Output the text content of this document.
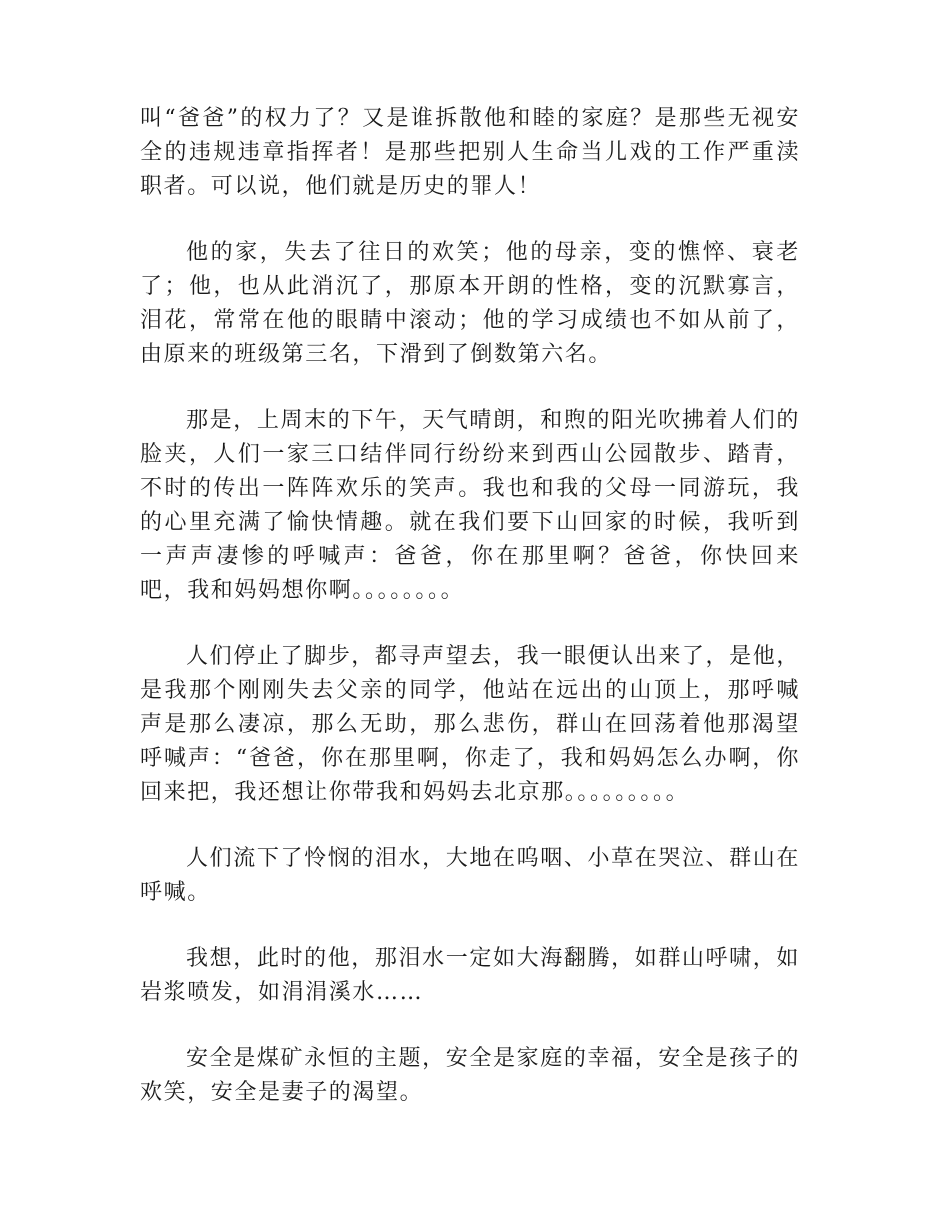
叫“爸爸”的权力了？又是谁拆散他和睦的家庭？是那些无视安全的违规违章指挥者！是那些把别人生命当儿戏的工作严重渎职者。可以说，他们就是历史的罪人！

他的家，失去了往日的欢笑；他的母亲，变的憔悴、衰老了；他，也从此消沉了，那原本开朗的性格，变的沉默寡言，泪花，常常在他的眼睛中滚动；他的学习成绩也不如从前了，由原来的班级第三名，下滑到了倒数第六名。

那是，上周末的下午，天气晴朗，和煦的阳光吹拂着人们的脸夹，人们一家三口结伴同行纷纷来到西山公园散步、踏青，不时的传出一阵阵欢乐的笑声。我也和我的父母一同游玩，我的心里充满了愉快情趣。就在我们要下山回家的时候，我听到一声声凄惨的呼喊声：爸爸，你在那里啊？爸爸，你快回来吧，我和妈妈想你啊。。。。。。。。

人们停止了脚步，都寻声望去，我一眼便认出来了，是他，是我那个刚刚失去父亲的同学，他站在远出的山顶上，那呼喊声是那么凄凉，那么无助，那么悲伤，群山在回荡着他那渴望呼喊声：“爸爸，你在那里啊，你走了，我和妈妈怎么办啊，你回来把，我还想让你带我和妈妈去北京那。。。。。。。。。

人们流下了怜悯的泪水，大地在呜咽、小草在哭泣、群山在呼喊。

我想，此时的他，那泪水一定如大海翻腾，如群山呼啸，如岩浆喷发，如涓涓溪水……

安全是煤矿永恒的主题，安全是家庭的幸福，安全是孩子的欢笑，安全是妻子的渴望。
